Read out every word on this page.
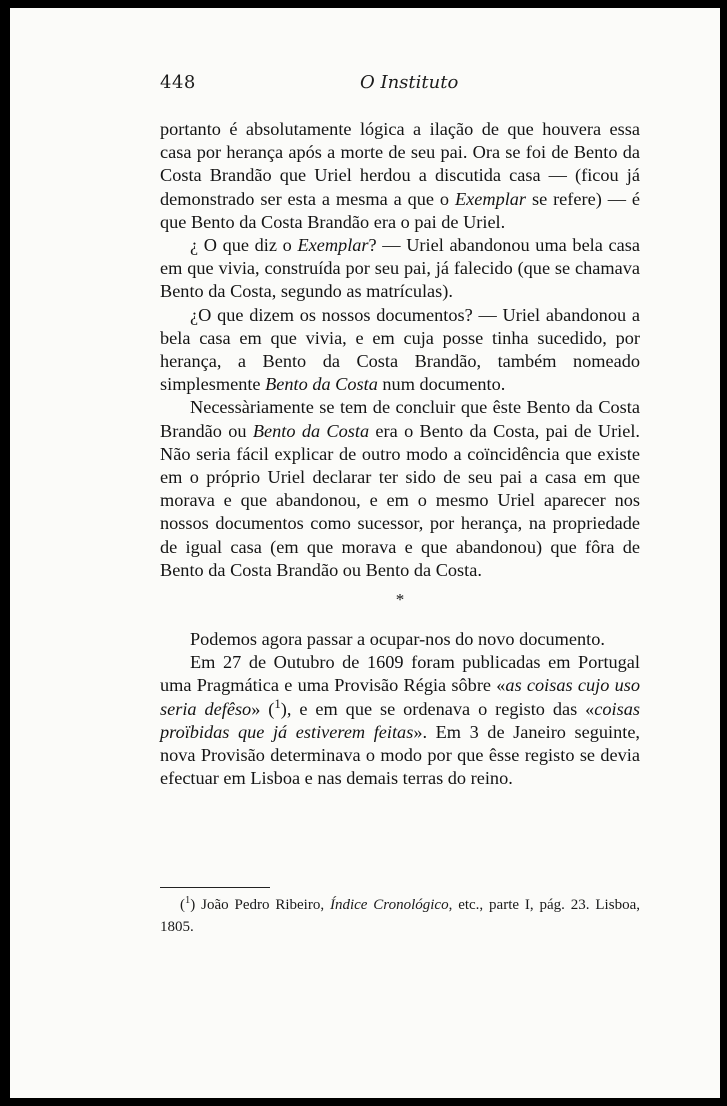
448	O Instituto

portanto é absolutamente lógica a ilação de que houvera essa casa por herança após a morte de seu pai. Ora se foi de Bento da Costa Brandão que Uriel herdou a discutida casa — (ficou já demonstrado ser esta a mesma a que o Exemplar se refere) — é que Bento da Costa Brandão era o pai de Uriel.

¿ O que diz o Exemplar? — Uriel abandonou uma bela casa em que vivia, construída por seu pai, já falecido (que se chamava Bento da Costa, segundo as matrículas).

¿O que dizem os nossos documentos? — Uriel abandonou a bela casa em que vivia, e em cuja posse tinha sucedido, por herança, a Bento da Costa Brandão, também nomeado simplesmente Bento da Costa num documento.

Necessàriamente se tem de concluir que êste Bento da Costa Brandão ou Bento da Costa era o Bento da Costa, pai de Uriel. Não seria fácil explicar de outro modo a coïncidência que existe em o próprio Uriel declarar ter sido de seu pai a casa em que morava e que abandonou, e em o mesmo Uriel aparecer nos nossos documentos como sucessor, por herança, na propriedade de igual casa (em que morava e que abandonou) que fôra de Bento da Costa Brandão ou Bento da Costa.

*

Podemos agora passar a ocupar-nos do novo documento.

Em 27 de Outubro de 1609 foram publicadas em Portugal uma Pragmática e uma Provisão Régia sôbre «as coisas cujo uso seria defêso» ($^1$), e em que se ordenava o registo das «coisas proïbidas que já estiverem feitas». Em 3 de Janeiro seguinte, nova Provisão determinava o modo por que êsse registo se devia efectuar em Lisboa e nas demais terras do reino.

($^1$) João Pedro Ribeiro, Índice Cronológico, etc., parte I, pág. 23. Lisboa, 1805.
